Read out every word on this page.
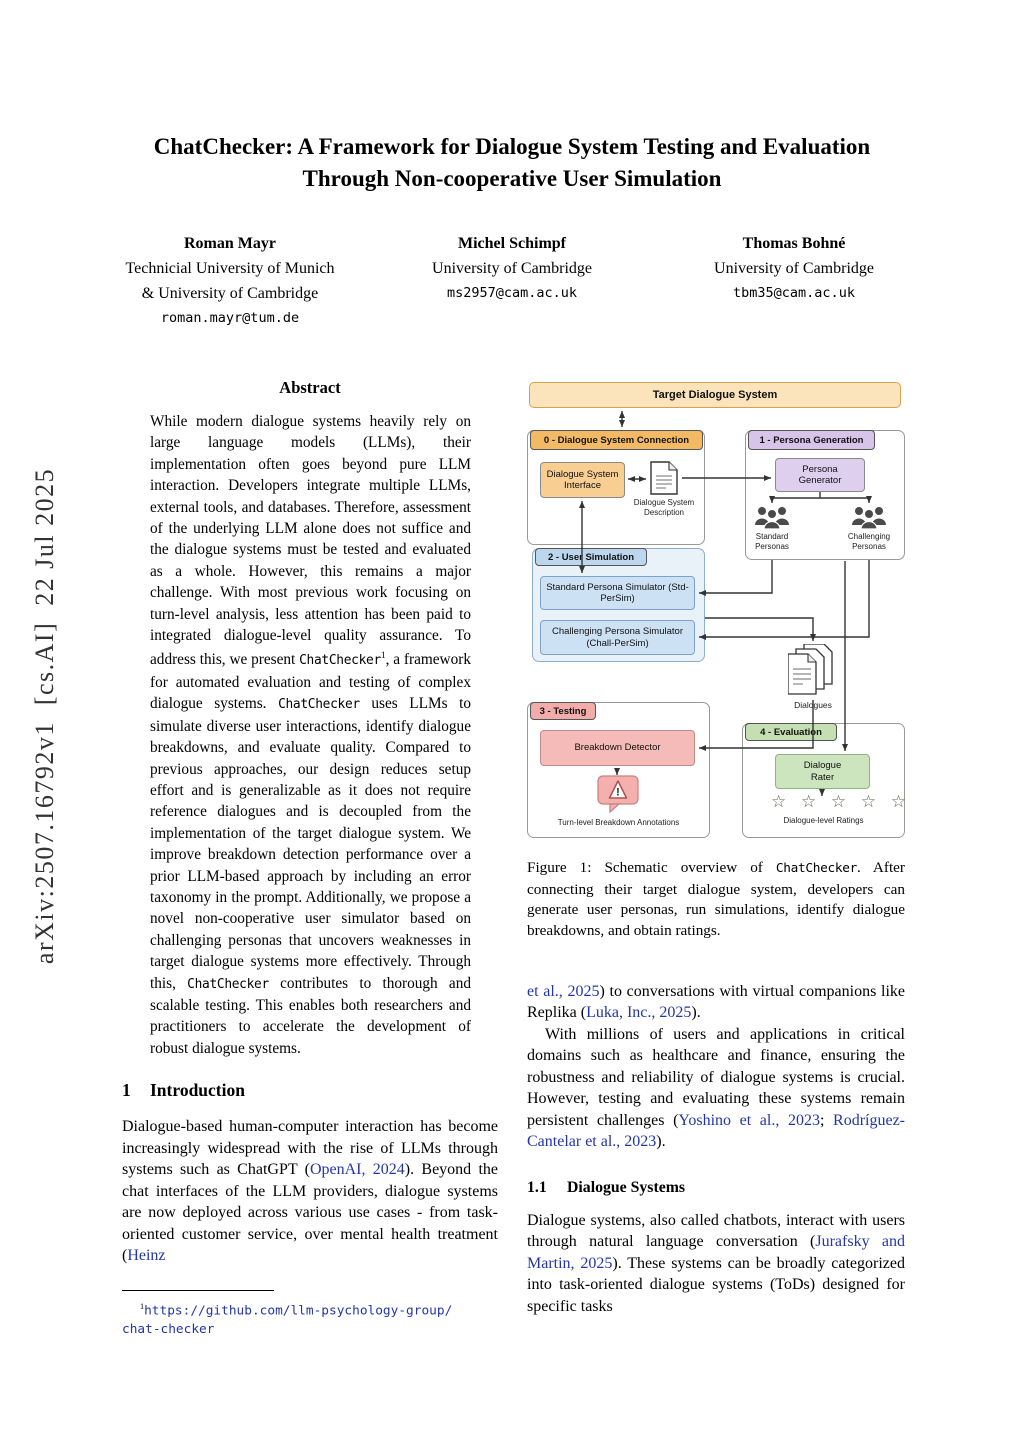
arXiv:2507.16792v1  [cs.AI]  22 Jul 2025
ChatChecker: A Framework for Dialogue System Testing and Evaluation
Through Non-cooperative User Simulation
Roman Mayr
Technicial University of Munich
& University of Cambridge
roman.mayr@tum.de
Michel Schimpf
University of Cambridge
ms2957@cam.ac.uk
Thomas Bohné
University of Cambridge
tbm35@cam.ac.uk
Abstract
While modern dialogue systems heavily rely on large language models (LLMs), their implementation often goes beyond pure LLM interaction. Developers integrate multiple LLMs, external tools, and databases. Therefore, assessment of the underlying LLM alone does not suffice and the dialogue systems must be tested and evaluated as a whole. However, this remains a major challenge. With most previous work focusing on turn-level analysis, less attention has been paid to integrated dialogue-level quality assurance. To address this, we present ChatChecker$^1$, a framework for automated evaluation and testing of complex dialogue systems. ChatChecker uses LLMs to simulate diverse user interactions, identify dialogue breakdowns, and evaluate quality. Compared to previous approaches, our design reduces setup effort and is generalizable as it does not require reference dialogues and is decoupled from the implementation of the target dialogue system. We improve breakdown detection performance over a prior LLM-based approach by including an error taxonomy in the prompt. Additionally, we propose a novel non-cooperative user simulator based on challenging personas that uncovers weaknesses in target dialogue systems more effectively. Through this, ChatChecker contributes to thorough and scalable testing. This enables both researchers and practitioners to accelerate the development of robust dialogue systems.
1 Introduction

Dialogue-based human-computer interaction has become increasingly widespread with the rise of LLMs through systems such as ChatGPT (OpenAI, 2024). Beyond the chat interfaces of the LLM providers, dialogue systems are now deployed across various use cases - from task-oriented customer service, over mental health treatment (Heinz

$^1$https://github.com/llm-psychology-group/
chat-checker
Target Dialogue System
0 - Dialogue System Connection	1 - Persona Generation
2 - User Simulation
3 - Testing
4 - Evaluation
Dialogue System Interface
Persona Generator
Standard Persona Simulator (Std-PerSim)
Challenging Persona Simulator (Chall-PerSim)
Breakdown Detector
Dialogue Rater
Dialogue System Description
Standard Personas
Challenging Personas
Dialogues
!
Turn-level Breakdown Annotations
☆ ☆ ☆ ☆ ☆
Dialogue-level Ratings
Figure 1: Schematic overview of ChatChecker. After connecting their target dialogue system, developers can generate user personas, run simulations, identify dialogue breakdowns, and obtain ratings.

et al., 2025) to conversations with virtual companions like Replika (Luka, Inc., 2025).

With millions of users and applications in critical domains such as healthcare and finance, ensuring the robustness and reliability of dialogue systems is crucial. However, testing and evaluating these systems remain persistent challenges (Yoshino et al., 2023; Rodríguez-Cantelar et al., 2023).

1.1 Dialogue Systems

Dialogue systems, also called chatbots, interact with users through natural language conversation (Jurafsky and Martin, 2025). These systems can be broadly categorized into task-oriented dialogue systems (ToDs) designed for specific tasks
